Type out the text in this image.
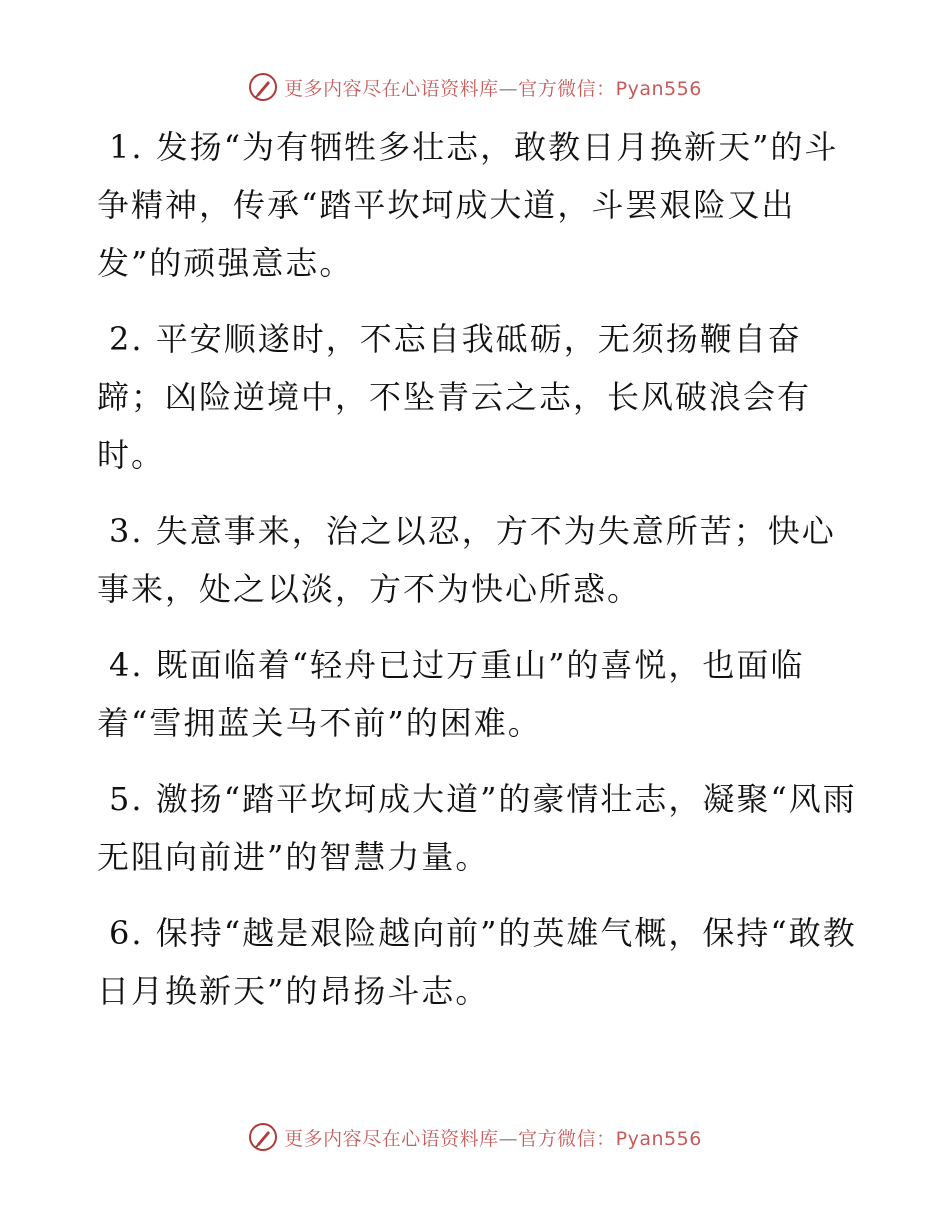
更多内容尽在心语资料库—官方微信：Pyan556

1. 发扬“为有牺牲多壮志，敢教日月换新天”的斗争精神，传承“踏平坎坷成大道，斗罢艰险又出发”的顽强意志。

2. 平安顺遂时，不忘自我砥砺，无须扬鞭自奋蹄；凶险逆境中，不坠青云之志，长风破浪会有时。

3. 失意事来，治之以忍，方不为失意所苦；快心事来，处之以淡，方不为快心所惑。

4. 既面临着“轻舟已过万重山”的喜悦，也面临着“雪拥蓝关马不前”的困难。

5. 激扬“踏平坎坷成大道”的豪情壮志，凝聚“风雨无阻向前进”的智慧力量。

6. 保持“越是艰险越向前”的英雄气概，保持“敢教日月换新天”的昂扬斗志。

更多内容尽在心语资料库—官方微信：Pyan556
